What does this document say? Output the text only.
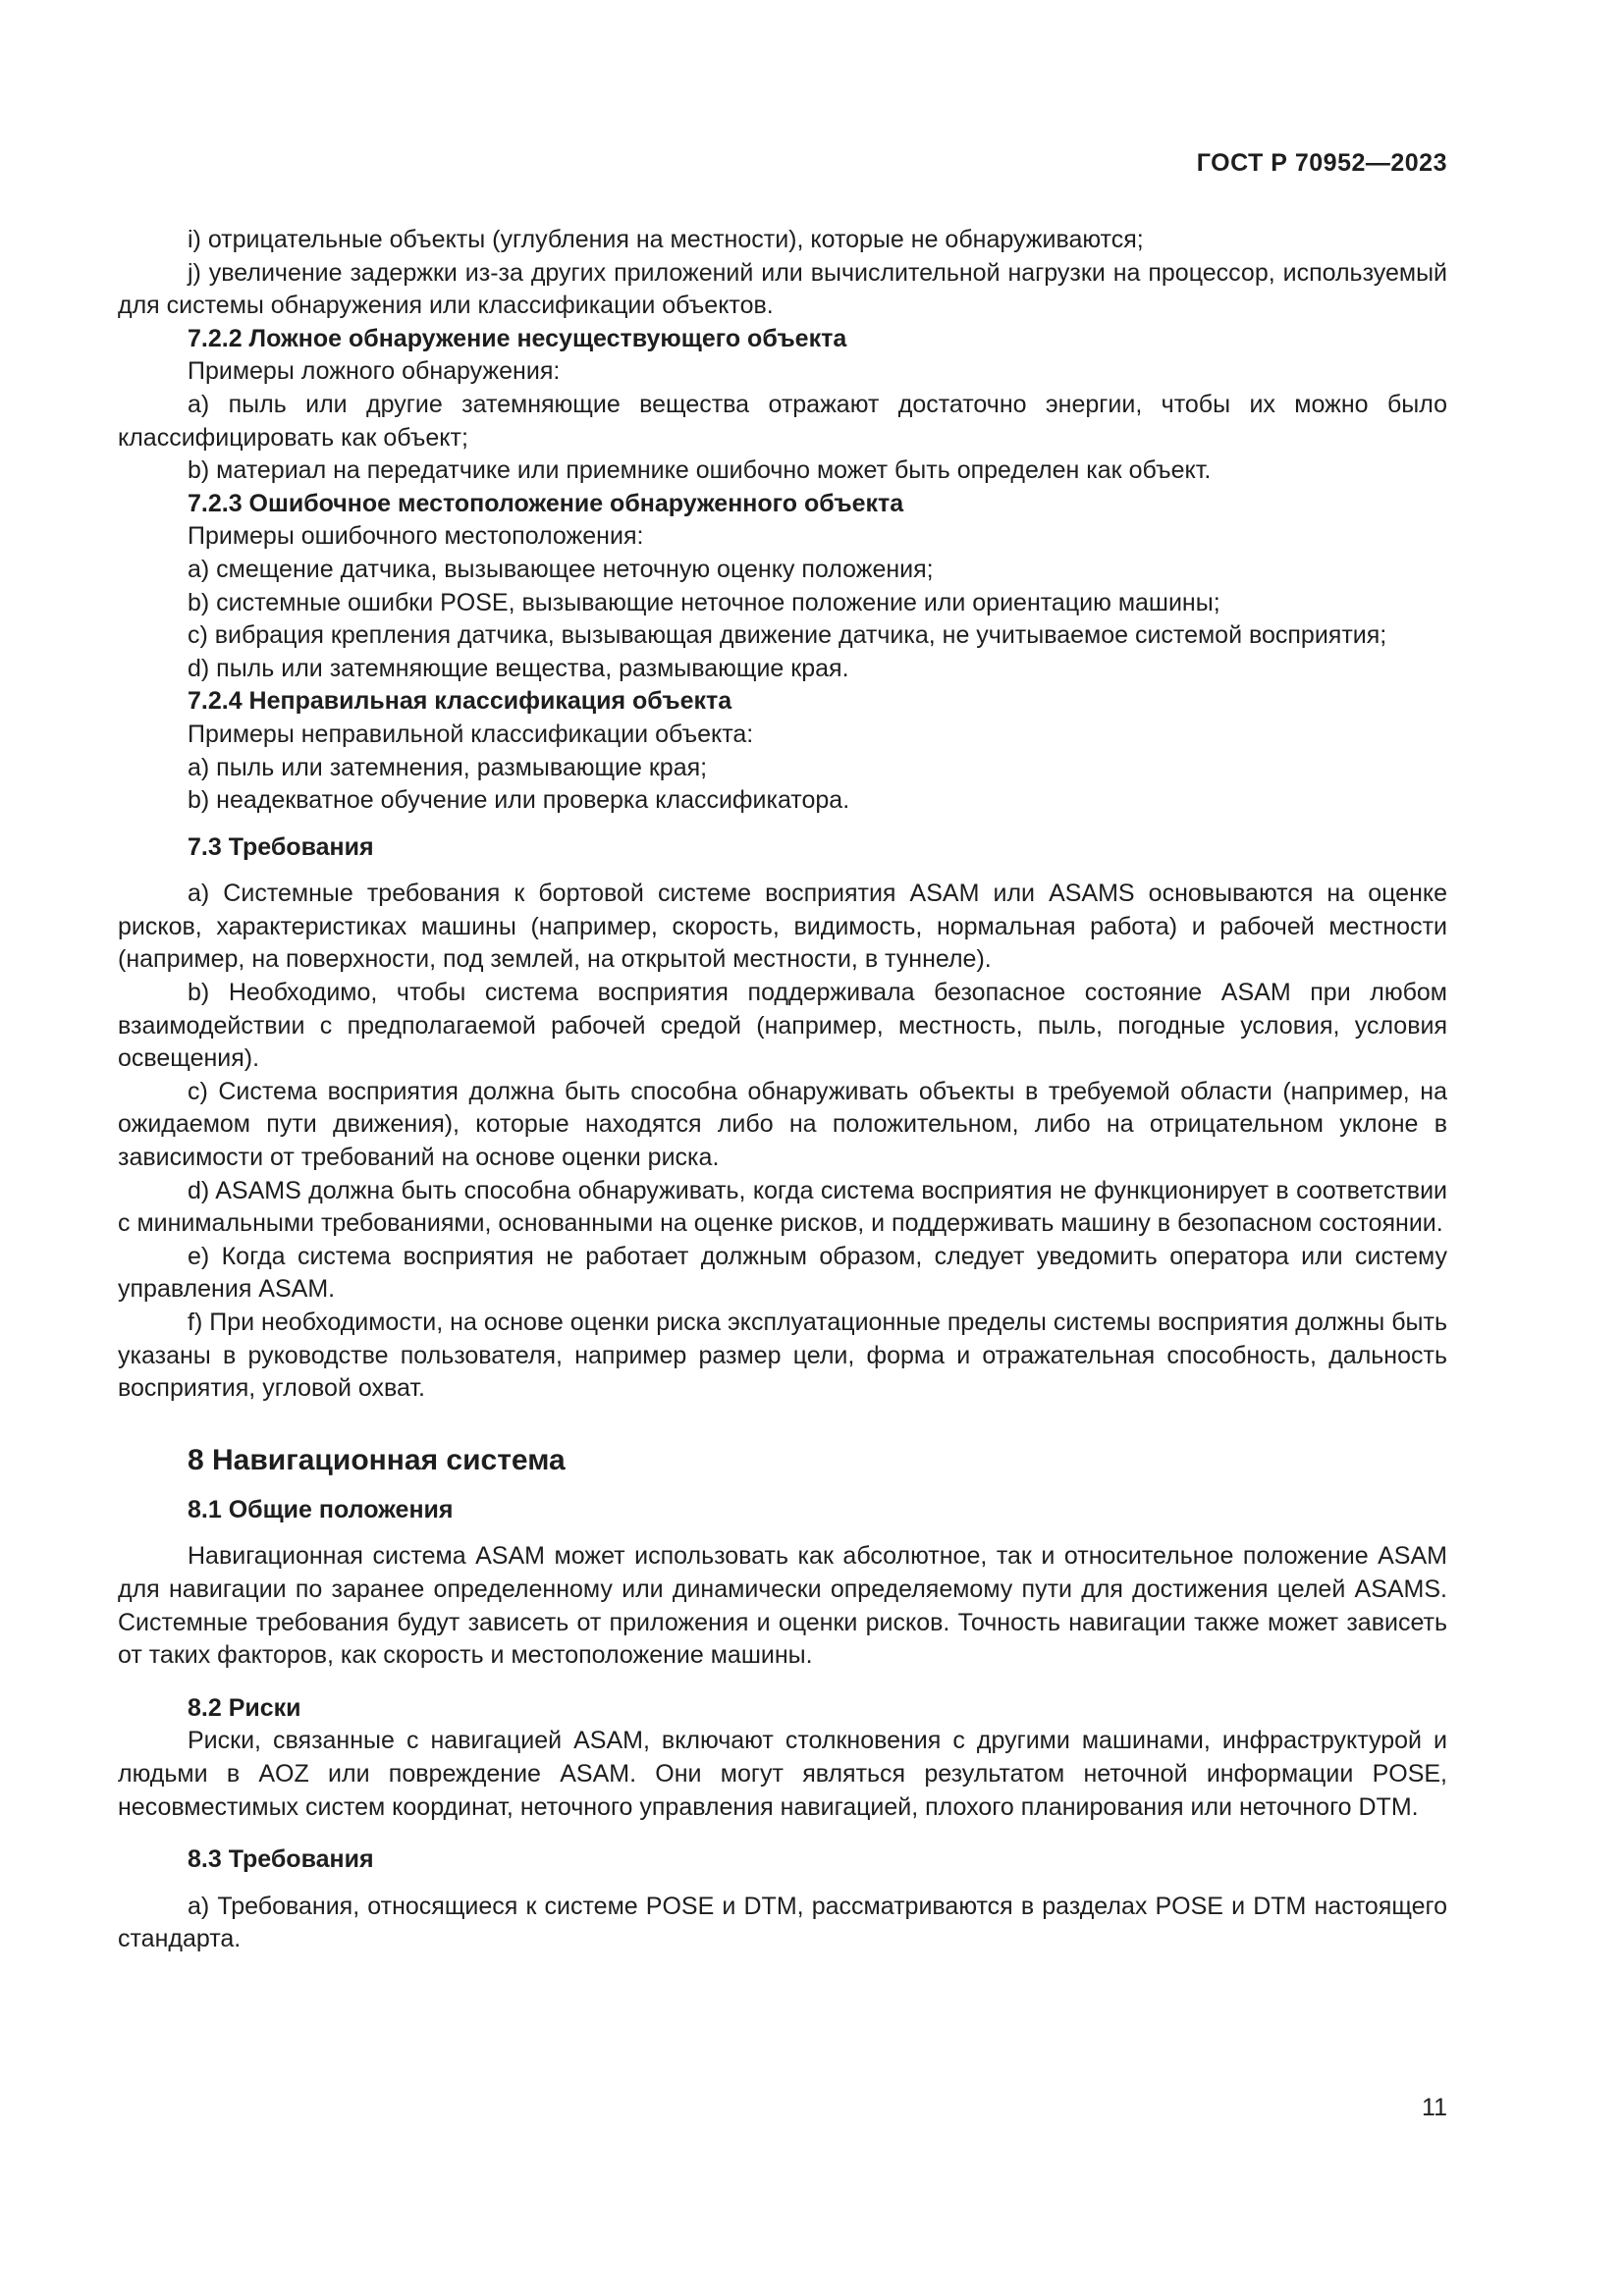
ГОСТ Р 70952—2023

i) отрицательные объекты (углубления на местности), которые не обнаруживаются;

j) увеличение задержки из-за других приложений или вычислительной нагрузки на процессор, используемый для системы обнаружения или классификации объектов.

7.2.2 Ложное обнаружение несуществующего объекта

Примеры ложного обнаружения:

a) пыль или другие затемняющие вещества отражают достаточно энергии, чтобы их можно было классифицировать как объект;

b) материал на передатчике или приемнике ошибочно может быть определен как объект.

7.2.3 Ошибочное местоположение обнаруженного объекта

Примеры ошибочного местоположения:

a) смещение датчика, вызывающее неточную оценку положения;

b) системные ошибки POSE, вызывающие неточное положение или ориентацию машины;

c) вибрация крепления датчика, вызывающая движение датчика, не учитываемое системой восприятия;

d) пыль или затемняющие вещества, размывающие края.

7.2.4 Неправильная классификация объекта

Примеры неправильной классификации объекта:

a) пыль или затемнения, размывающие края;

b) неадекватное обучение или проверка классификатора.

7.3 Требования

a) Системные требования к бортовой системе восприятия ASAM или ASAMS основываются на оценке рисков, характеристиках машины (например, скорость, видимость, нормальная работа) и рабочей местности (например, на поверхности, под землей, на открытой местности, в туннеле).

b) Необходимо, чтобы система восприятия поддерживала безопасное состояние ASAM при любом взаимодействии с предполагаемой рабочей средой (например, местность, пыль, погодные условия, условия освещения).

c) Система восприятия должна быть способна обнаруживать объекты в требуемой области (например, на ожидаемом пути движения), которые находятся либо на положительном, либо на отрицательном уклоне в зависимости от требований на основе оценки риска.

d) ASAMS должна быть способна обнаруживать, когда система восприятия не функционирует в соответствии с минимальными требованиями, основанными на оценке рисков, и поддерживать машину в безопасном состоянии.

e) Когда система восприятия не работает должным образом, следует уведомить оператора или систему управления ASAM.

f) При необходимости, на основе оценки риска эксплуатационные пределы системы восприятия должны быть указаны в руководстве пользователя, например размер цели, форма и отражательная способность, дальность восприятия, угловой охват.

8 Навигационная система

8.1 Общие положения

Навигационная система ASAM может использовать как абсолютное, так и относительное положение ASAM для навигации по заранее определенному или динамически определяемому пути для достижения целей ASAMS. Системные требования будут зависеть от приложения и оценки рисков. Точность навигации также может зависеть от таких факторов, как скорость и местоположение машины.

8.2 Риски

Риски, связанные с навигацией ASAM, включают столкновения с другими машинами, инфраструктурой и людьми в AOZ или повреждение ASAM. Они могут являться результатом неточной информации POSE, несовместимых систем координат, неточного управления навигацией, плохого планирования или неточного DTM.

8.3 Требования

a) Требования, относящиеся к системе POSE и DTM, рассматриваются в разделах POSE и DTM настоящего стандарта.

11
